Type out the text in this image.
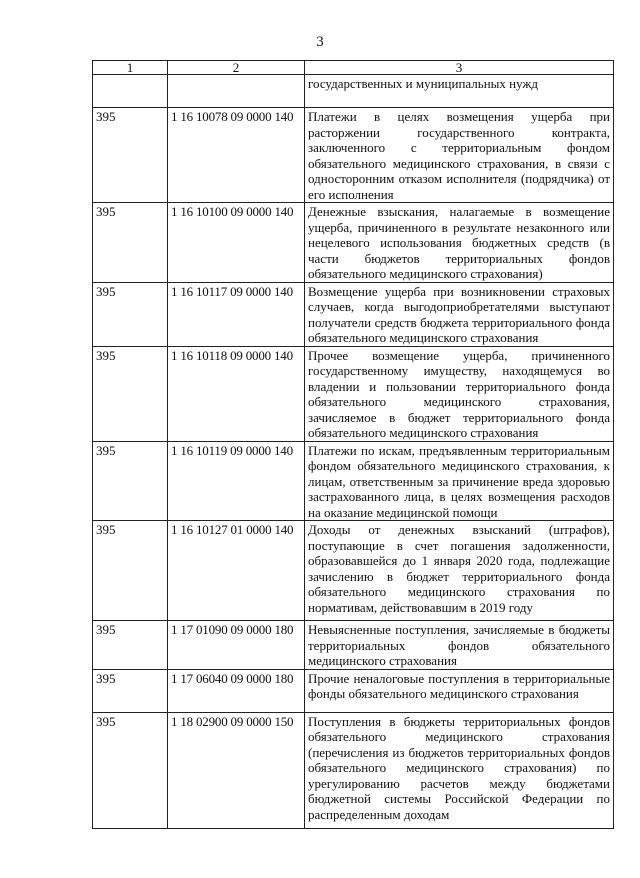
3
1	2	3
		государственных и муниципальных нужд
395	1 16 10078 09 0000 140	Платежи в целях возмещения ущерба при расторжении государственного контракта, заключенного с территориальным фондом обязательного медицинского страхования, в связи с односторонним отказом исполнителя (подрядчика) от его исполнения
395	1 16 10100 09 0000 140	Денежные взыскания, налагаемые в возмещение ущерба, причиненного в результате незаконного или нецелевого использования бюджетных средств (в части бюджетов территориальных фондов обязательного медицинского страхования)
395	1 16 10117 09 0000 140	Возмещение ущерба при возникновении страховых случаев, когда выгодоприобретателями выступают получатели средств бюджета территориального фонда обязательного медицинского страхования
395	1 16 10118 09 0000 140	Прочее возмещение ущерба, причиненного государственному имуществу, находящемуся во владении и пользовании территориального фонда обязательного медицинского страхования, зачисляемое в бюджет территориального фонда обязательного медицинского страхования
395	1 16 10119 09 0000 140	Платежи по искам, предъявленным территориальным фондом обязательного медицинского страхования, к лицам, ответственным за причинение вреда здоровью застрахованного лица, в целях возмещения расходов на оказание медицинской помощи
395	1 16 10127 01 0000 140	Доходы от денежных взысканий (штрафов), поступающие в счет погашения задолженности, образовавшейся до 1 января 2020 года, подлежащие зачислению в бюджет территориального фонда обязательного медицинского страхования по нормативам, действовавшим в 2019 году
395	1 17 01090 09 0000 180	Невыясненные поступления, зачисляемые в бюджеты территориальных фондов обязательного медицинского страхования
395	1 17 06040 09 0000 180	Прочие неналоговые поступления в территориальные фонды обязательного медицинского страхования
395	1 18 02900 09 0000 150	Поступления в бюджеты территориальных фондов обязательного медицинского страхования (перечисления из бюджетов территориальных фондов обязательного медицинского страхования) по урегулированию расчетов между бюджетами бюджетной системы Российской Федерации по распределенным доходам
